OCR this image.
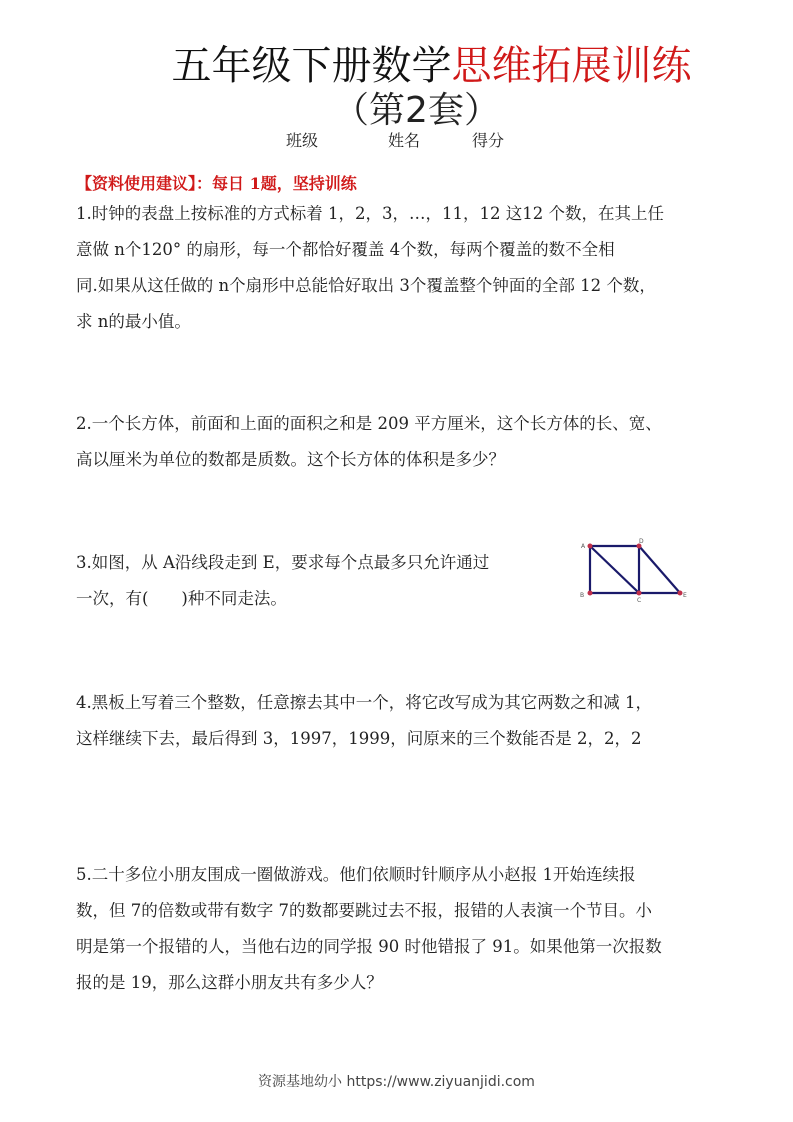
五年级下册数学思维拓展训练
（第2套）
班级	姓名	得分
【资料使用建议】：每日 1题，坚持训练
1.时钟的表盘上按标准的方式标着 1，2，3，…，11，12 这12 个数，在其上任
意做 n个120° 的扇形，每一个都恰好覆盖 4个数，每两个覆盖的数不全相
同.如果从这任做的 n个扇形中总能恰好取出 3个覆盖整个钟面的全部 12 个数，
求 n的最小值。
2.一个长方体，前面和上面的面积之和是 209 平方厘米，这个长方体的长、宽、
高以厘米为单位的数都是质数。这个长方体的体积是多少？
3.如图，从 A沿线段走到 E，要求每个点最多只允许通过
一次，有(　　)种不同走法。
A
D
B
C
E
4.黑板上写着三个整数，任意擦去其中一个，将它改写成为其它两数之和减 1，
这样继续下去，最后得到 3，1997，1999，问原来的三个数能否是 2，2，2
5.二十多位小朋友围成一圈做游戏。他们依顺时针顺序从小赵报 1开始连续报
数，但 7的倍数或带有数字 7的数都要跳过去不报，报错的人表演一个节目。小
明是第一个报错的人，当他右边的同学报 90 时他错报了 91。如果他第一次报数
报的是 19，那么这群小朋友共有多少人？
资源基地幼小 https://www.ziyuanjidi.com
